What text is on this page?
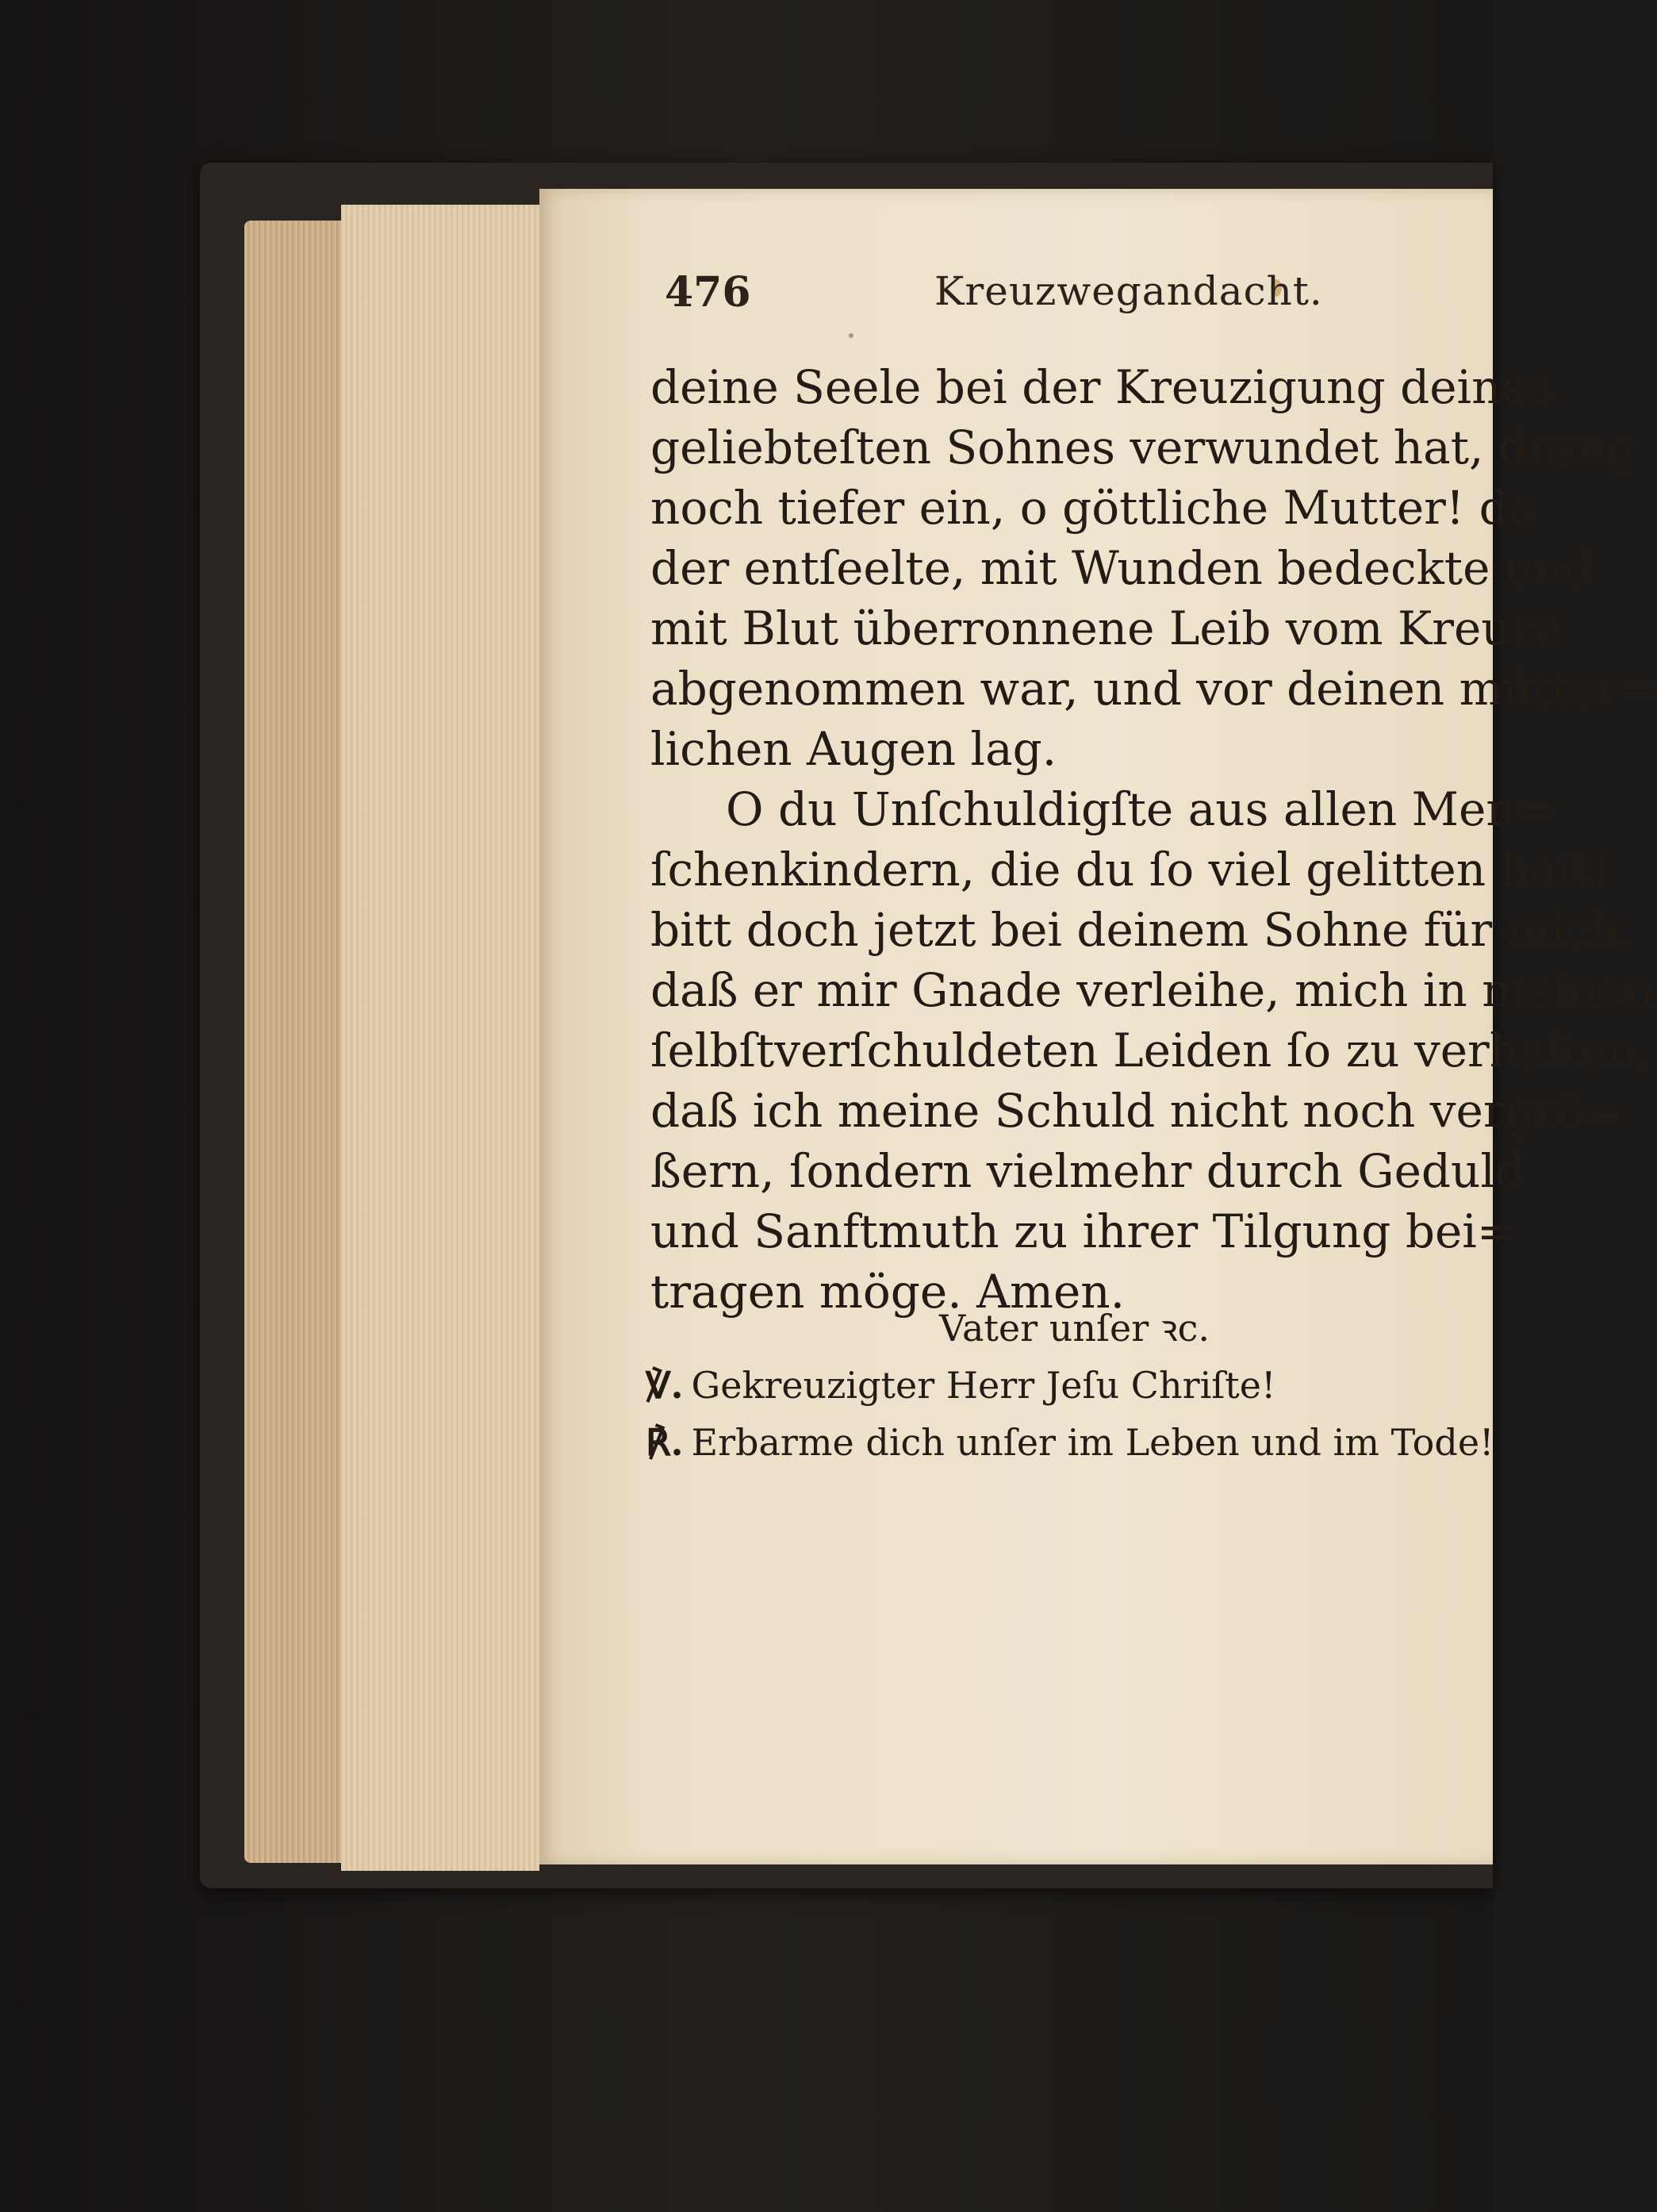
476	Kreuzwegandacht.
deine Seele bei der Kreuzigung deines
geliebteſten Sohnes verwundet hat, drang
noch tiefer ein, o göttliche Mutter! da
der entſeelte, mit Wunden bedeckte und
mit Blut überronnene Leib vom Kreuze
abgenommen war, und vor deinen mütter=
lichen Augen lag.
O du Unſchuldigſte aus allen Men=
ſchenkindern, die du ſo viel gelitten haſt!
bitt doch jetzt bei deinem Sohne für mich,
daß er mir Gnade verleihe, mich in meinen
ſelbſtverſchuldeten Leiden ſo zu verhalten,
daß ich meine Schuld nicht noch vergrö=
ßern, ſondern vielmehr durch Geduld
und Sanftmuth zu ihrer Tilgung bei=
tragen möge. Amen.
Vater unſer ꝛc.
℣. Gekreuzigter Herr Jeſu Chriſte!
℟. Erbarme dich unſer im Leben und im Tode!
